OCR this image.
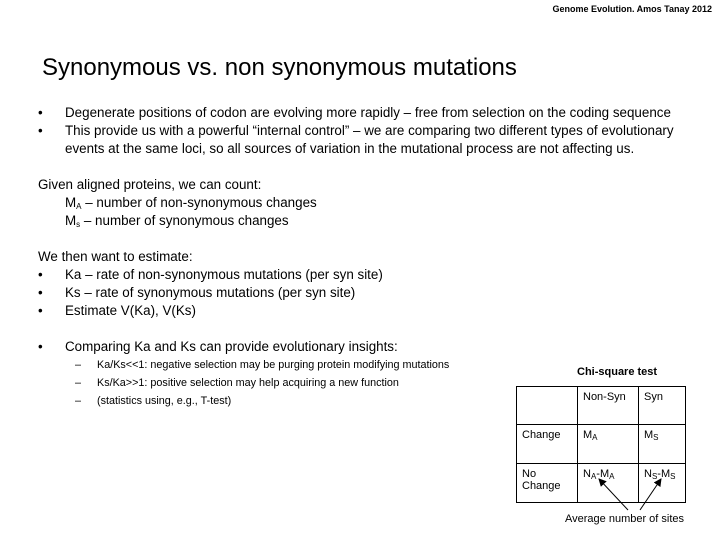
Genome Evolution. Amos Tanay 2012
Synonymous vs. non synonymous mutations
• Degenerate positions of codon are evolving more rapidly – free from selection on the coding sequence
• This provide us with a powerful “internal control” – we are comparing two different types of evolutionary events at the same loci, so all sources of variation in the mutational process are not affecting us.
Given aligned proteins, we can count:
$M_A$ – number of non-synonymous changes
$M_s$ – number of synonymous changes
We then want to estimate:
• Ka – rate of non-synonymous mutations (per syn site)
• Ks – rate of synonymous mutations (per syn site)
• Estimate V(Ka), V(Ks)
• Comparing Ka and Ks can provide evolutionary insights:
– Ka/Ks<<1: negative selection may be purging protein modifying mutations
– Ks/Ka>>1: positive selection may help acquiring a new function
– (statistics using, e.g., T-test)
Chi-square test
	Non-Syn	Syn
Change	$M_A$	$M_S$
No
Change	$N_A-M_A$	$N_S-M_S$
Average number of sites
